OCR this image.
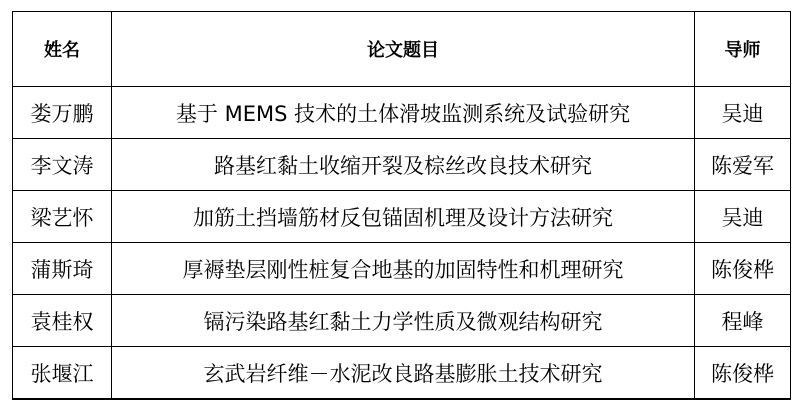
姓名	论文题目	导师
娄万鹏	基于 MEMS 技术的土体滑坡监测系统及试验研究	吴迪
李文涛	路基红黏土收缩开裂及棕丝改良技术研究	陈爱军
梁艺怀	加筋土挡墙筋材反包锚固机理及设计方法研究	吴迪
蒲斯琦	厚褥垫层刚性桩复合地基的加固特性和机理研究	陈俊桦
袁桂权	镉污染路基红黏土力学性质及微观结构研究	程峰
张堰江	玄武岩纤维－水泥改良路基膨胀土技术研究	陈俊桦
